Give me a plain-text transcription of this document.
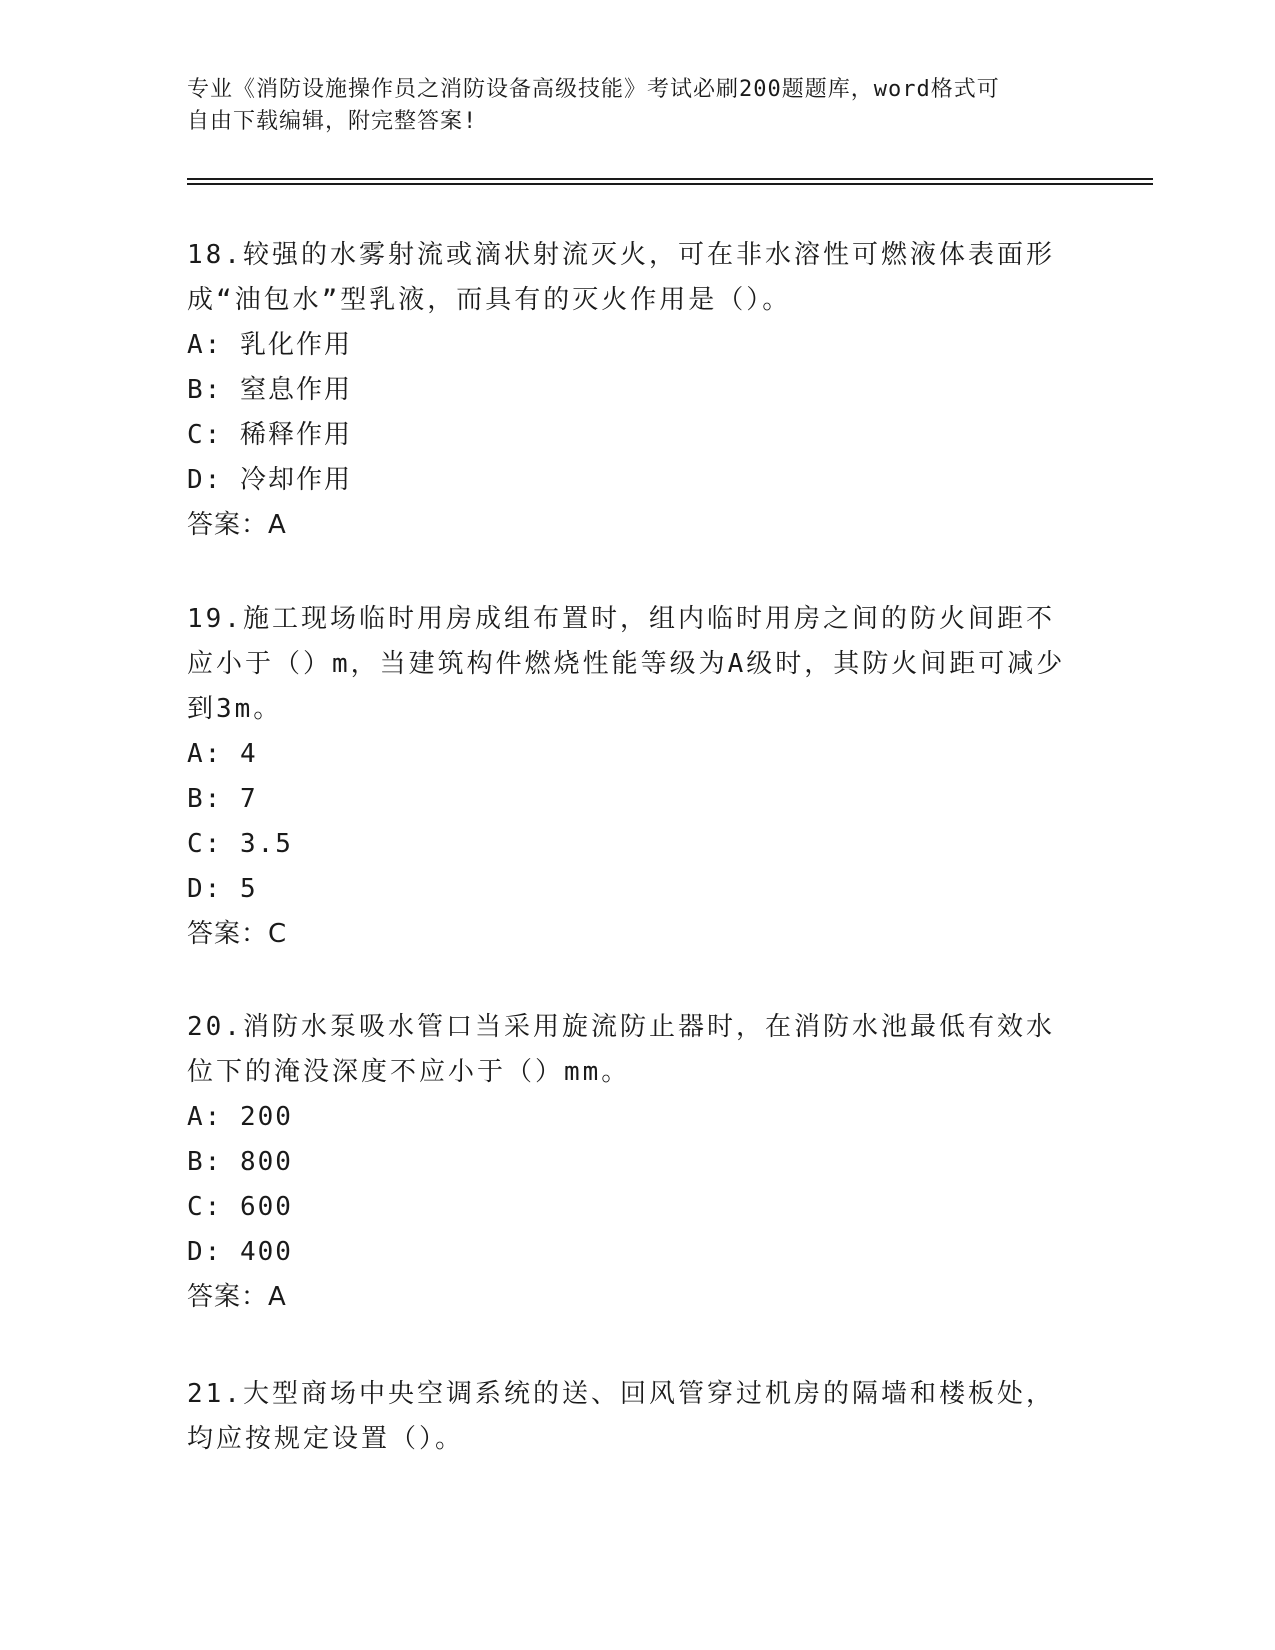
专业《消防设施操作员之消防设备高级技能》考试必刷200题题库，word格式可
自由下载编辑，附完整答案!

18.较强的水雾射流或滴状射流灭火，可在非水溶性可燃液体表面形成“油包水”型乳液，而具有的灭火作用是（）。

A: 乳化作用

B: 窒息作用

C: 稀释作用

D: 冷却作用

答案：A

19.施工现场临时用房成组布置时，组内临时用房之间的防火间距不应小于（）m，当建筑构件燃烧性能等级为A级时，其防火间距可减少到3m。

A: 4

B: 7

C: 3.5

D: 5

答案：C

20.消防水泵吸水管口当采用旋流防止器时，在消防水池最低有效水位下的淹没深度不应小于（）mm。

A: 200

B: 800

C: 600

D: 400

答案：A

21.大型商场中央空调系统的送、回风管穿过机房的隔墙和楼板处，均应按规定设置（）。
